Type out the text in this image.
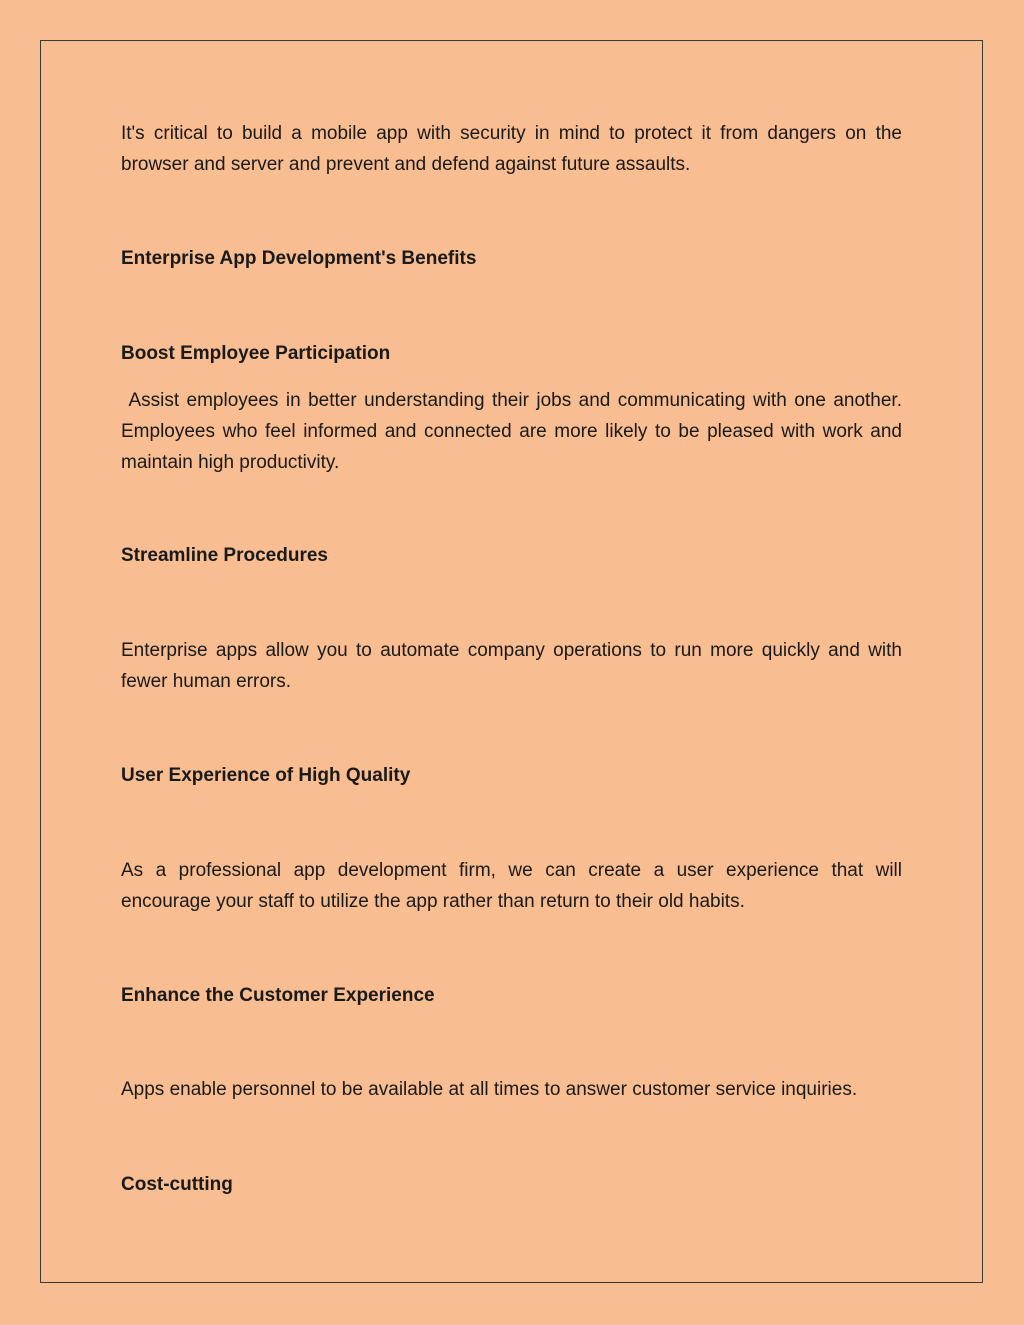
It's critical to build a mobile app with security in mind to protect it from dangers on the browser and server and prevent and defend against future assaults.

Enterprise App Development's Benefits
Boost Employee Participation

Assist employees in better understanding their jobs and communicating with one another. Employees who feel informed and connected are more likely to be pleased with work and maintain high productivity.

Streamline Procedures

Enterprise apps allow you to automate company operations to run more quickly and with fewer human errors.

User Experience of High Quality

As a professional app development firm, we can create a user experience that will encourage your staff to utilize the app rather than return to their old habits.

Enhance the Customer Experience

Apps enable personnel to be available at all times to answer customer service inquiries.

Cost-cutting
